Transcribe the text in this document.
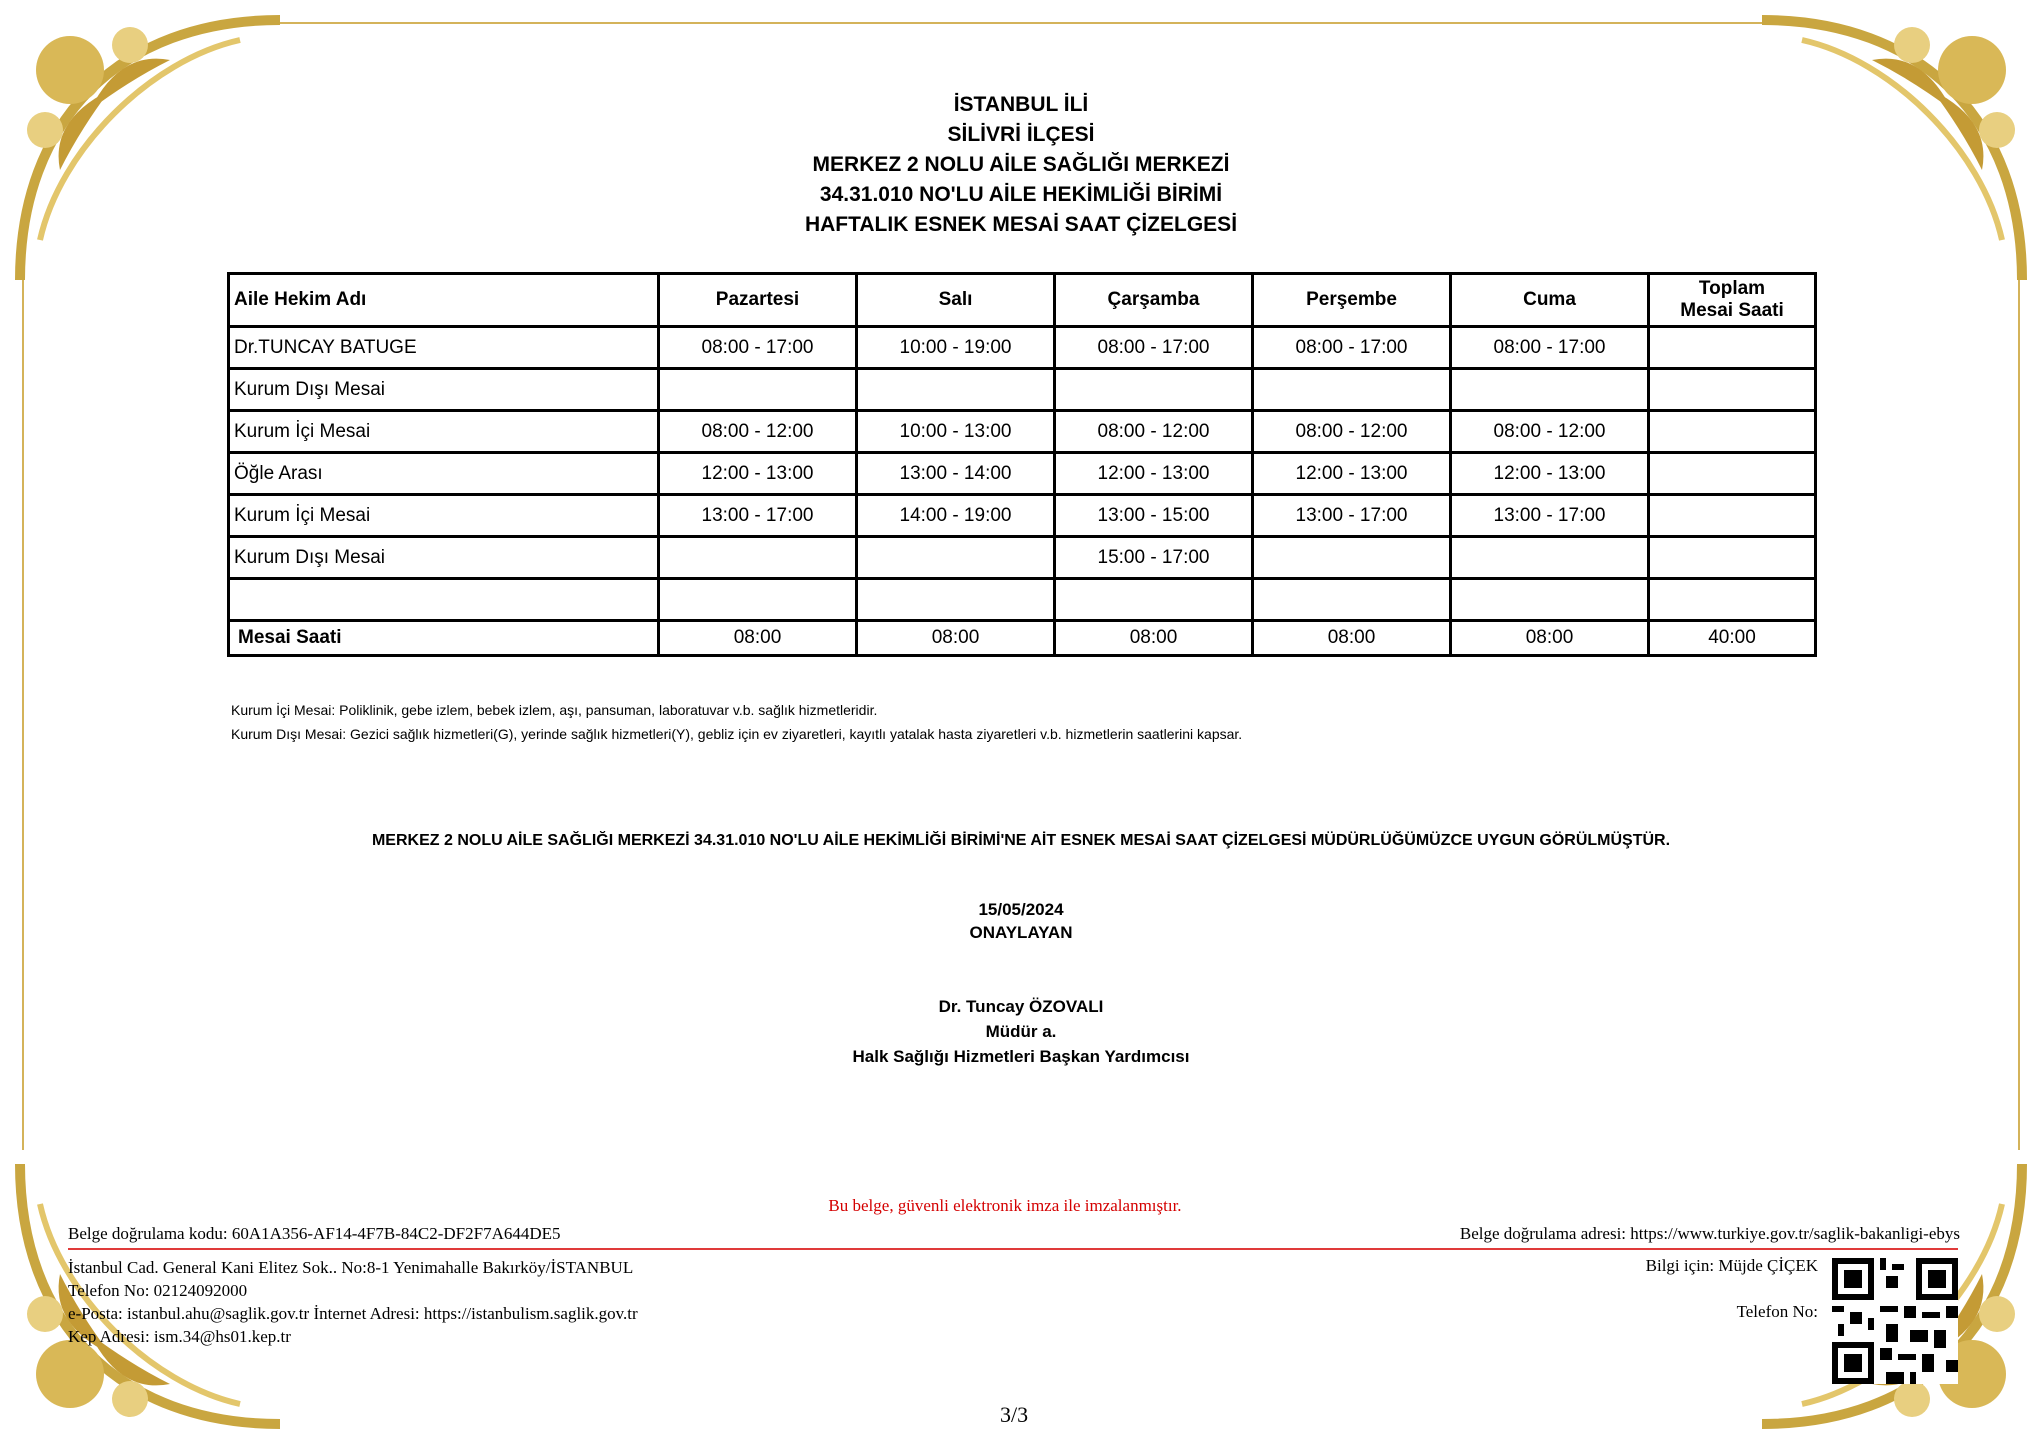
İSTANBUL İLİ
SİLİVRİ İLÇESİ
MERKEZ 2 NOLU AİLE SAĞLIĞI MERKEZİ
34.31.010 NO'LU AİLE HEKİMLİĞİ BİRİMİ
HAFTALIK ESNEK MESAİ SAAT ÇİZELGESİ
Aile Hekim Adı	Pazartesi	Salı	Çarşamba	Perşembe	Cuma	Toplam
Mesai Saati

Dr.TUNCAY BATUGE	08:00 - 17:00	10:00 - 19:00	08:00 - 17:00	08:00 - 17:00	08:00 - 17:00	
Kurum Dışı Mesai						
Kurum İçi Mesai	08:00 - 12:00	10:00 - 13:00	08:00 - 12:00	08:00 - 12:00	08:00 - 12:00	
Öğle Arası	12:00 - 13:00	13:00 - 14:00	12:00 - 13:00	12:00 - 13:00	12:00 - 13:00	
Kurum İçi Mesai	13:00 - 17:00	14:00 - 19:00	13:00 - 15:00	13:00 - 17:00	13:00 - 17:00	
Kurum Dışı Mesai			15:00 - 17:00			

Mesai Saati	08:00	08:00	08:00	08:00	08:00	40:00
Kurum İçi Mesai: Poliklinik, gebe izlem, bebek izlem, aşı, pansuman, laboratuvar v.b. sağlık hizmetleridir.
Kurum Dışı Mesai: Gezici sağlık hizmetleri(G), yerinde sağlık hizmetleri(Y), gebliz için ev ziyaretleri, kayıtlı yatalak hasta ziyaretleri v.b. hizmetlerin saatlerini kapsar.
MERKEZ 2 NOLU AİLE SAĞLIĞI MERKEZİ 34.31.010 NO'LU AİLE HEKİMLİĞİ BİRİMİ'NE AİT ESNEK MESAİ SAAT ÇİZELGESİ MÜDÜRLÜĞÜMÜZCE UYGUN GÖRÜLMÜŞTÜR.
15/05/2024
ONAYLAYAN
Dr. Tuncay ÖZOVALI
Müdür a.
Halk Sağlığı Hizmetleri Başkan Yardımcısı
Bu belge, güvenli elektronik imza ile imzalanmıştır.
Belge doğrulama kodu: 60A1A356-AF14-4F7B-84C2-DF2F7A644DE5	Belge doğrulama adresi: https://www.turkiye.gov.tr/saglik-bakanligi-ebys
İstanbul Cad. General Kani Elitez Sok.. No:8-1 Yenimahalle Bakırköy/İSTANBUL
Telefon No: 02124092000
e-Posta: istanbul.ahu@saglik.gov.tr İnternet Adresi: https://istanbulism.saglik.gov.tr
Kep Adresi: ism.34@hs01.kep.tr
Bilgi için: Müjde ÇİÇEK
Telefon No:
3/3
